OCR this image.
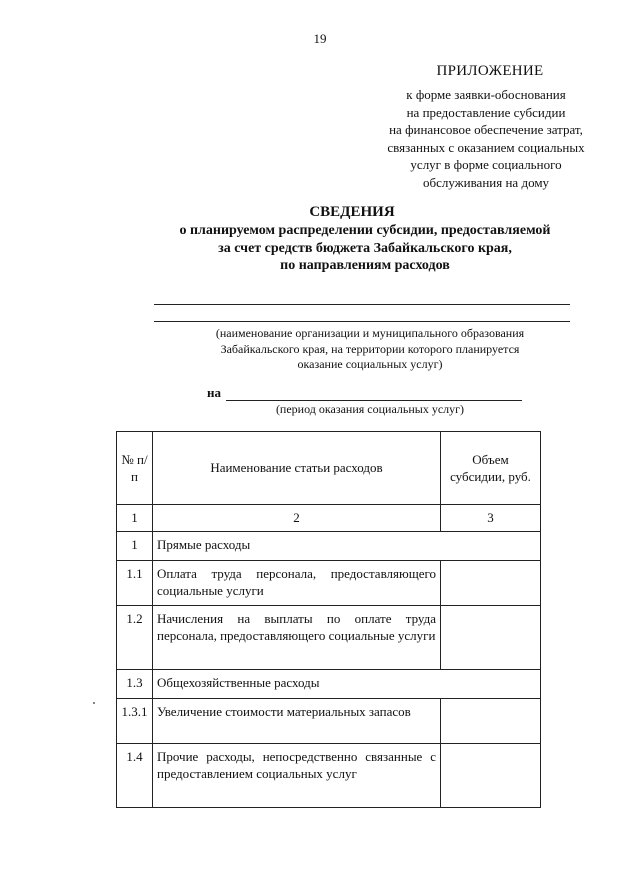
19
ПРИЛОЖЕНИЕ
к форме заявки-обоснования
на предоставление субсидии
на финансовое обеспечение затрат,
связанных с оказанием социальных
услуг в форме социального
обслуживания на дому
СВЕДЕНИЯ
о планируемом распределении субсидии, предоставляемой
за счет средств бюджета Забайкальского края,
по направлениям расходов
(наименование организации и муниципального образования
Забайкальского края, на территории которого планируется
оказание социальных услуг)
на
(период оказания социальных услуг)
№ п/п	Наименование статьи расходов	Объем субсидии, руб.
1	2	3
1	Прямые расходы	
1.1	Оплата труда персонала, предоставляющего социальные услуги	
1.2	Начисления на выплаты по оплате труда персонала, предоставляющего социальные услуги	
1.3	Общехозяйственные расходы	
1.3.1	Увеличение стоимости материальных запасов	
1.4	Прочие расходы, непосредственно связанные с предоставлением социальных услуг	
